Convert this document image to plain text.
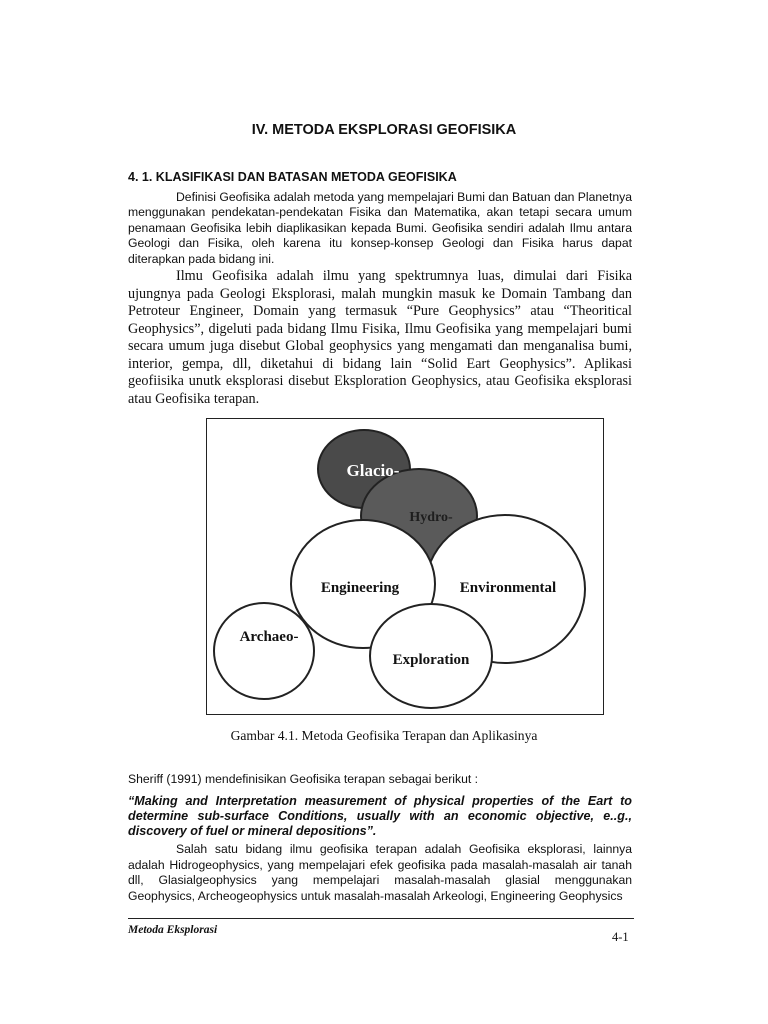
IV. METODA EKSPLORASI GEOFISIKA
4. 1. KLASIFIKASI DAN BATASAN METODA GEOFISIKA

Definisi Geofisika adalah metoda yang mempelajari Bumi dan Batuan dan Planetnya menggunakan pendekatan-pendekatan Fisika dan Matematika, akan tetapi secara umum penamaan Geofisika lebih diaplikasikan kepada Bumi. Geofisika sendiri adalah Ilmu antara Geologi dan Fisika, oleh karena itu konsep-konsep Geologi dan Fisika harus dapat diterapkan pada bidang ini.

Ilmu Geofisika adalah ilmu yang spektrumnya luas, dimulai dari Fisika ujungnya pada Geologi Eksplorasi, malah mungkin masuk ke Domain Tambang dan Petroteur Engineer, Domain yang termasuk “Pure Geophysics” atau “Theoritical Geophysics”, digeluti pada bidang Ilmu Fisika, Ilmu Geofisika yang mempelajari bumi secara umum juga disebut Global geophysics yang mengamati dan menganalisa bumi, interior, gempa, dll, diketahui di bidang lain “Solid Eart Geophysics”. Aplikasi geofiisika unutk eksplorasi disebut Eksploration Geophysics, atau Geofisika eksplorasi atau Geofisika terapan.

Glacio-
Hydro-
Engineering	Environmental
Archaeo-
Exploration
Gambar 4.1. Metoda Geofisika Terapan dan Aplikasinya

Sheriff (1991) mendefinisikan Geofisika terapan sebagai berikut :

“Making and Interpretation measurement of physical properties of the Eart to determine sub-surface Conditions, usually with an economic objective, e..g., discovery of fuel or mineral depositions”.

Salah satu bidang ilmu geofisika terapan adalah Geofisika eksplorasi, lainnya adalah Hidrogeophysics, yang mempelajari efek geofisika pada masalah-masalah air tanah dll, Glasialgeophysics yang mempelajari masalah-masalah glasial menggunakan Geophysics, Archeogeophysics untuk masalah-masalah Arkeologi, Engineering Geophysics

Metoda Eksplorasi	4-1
